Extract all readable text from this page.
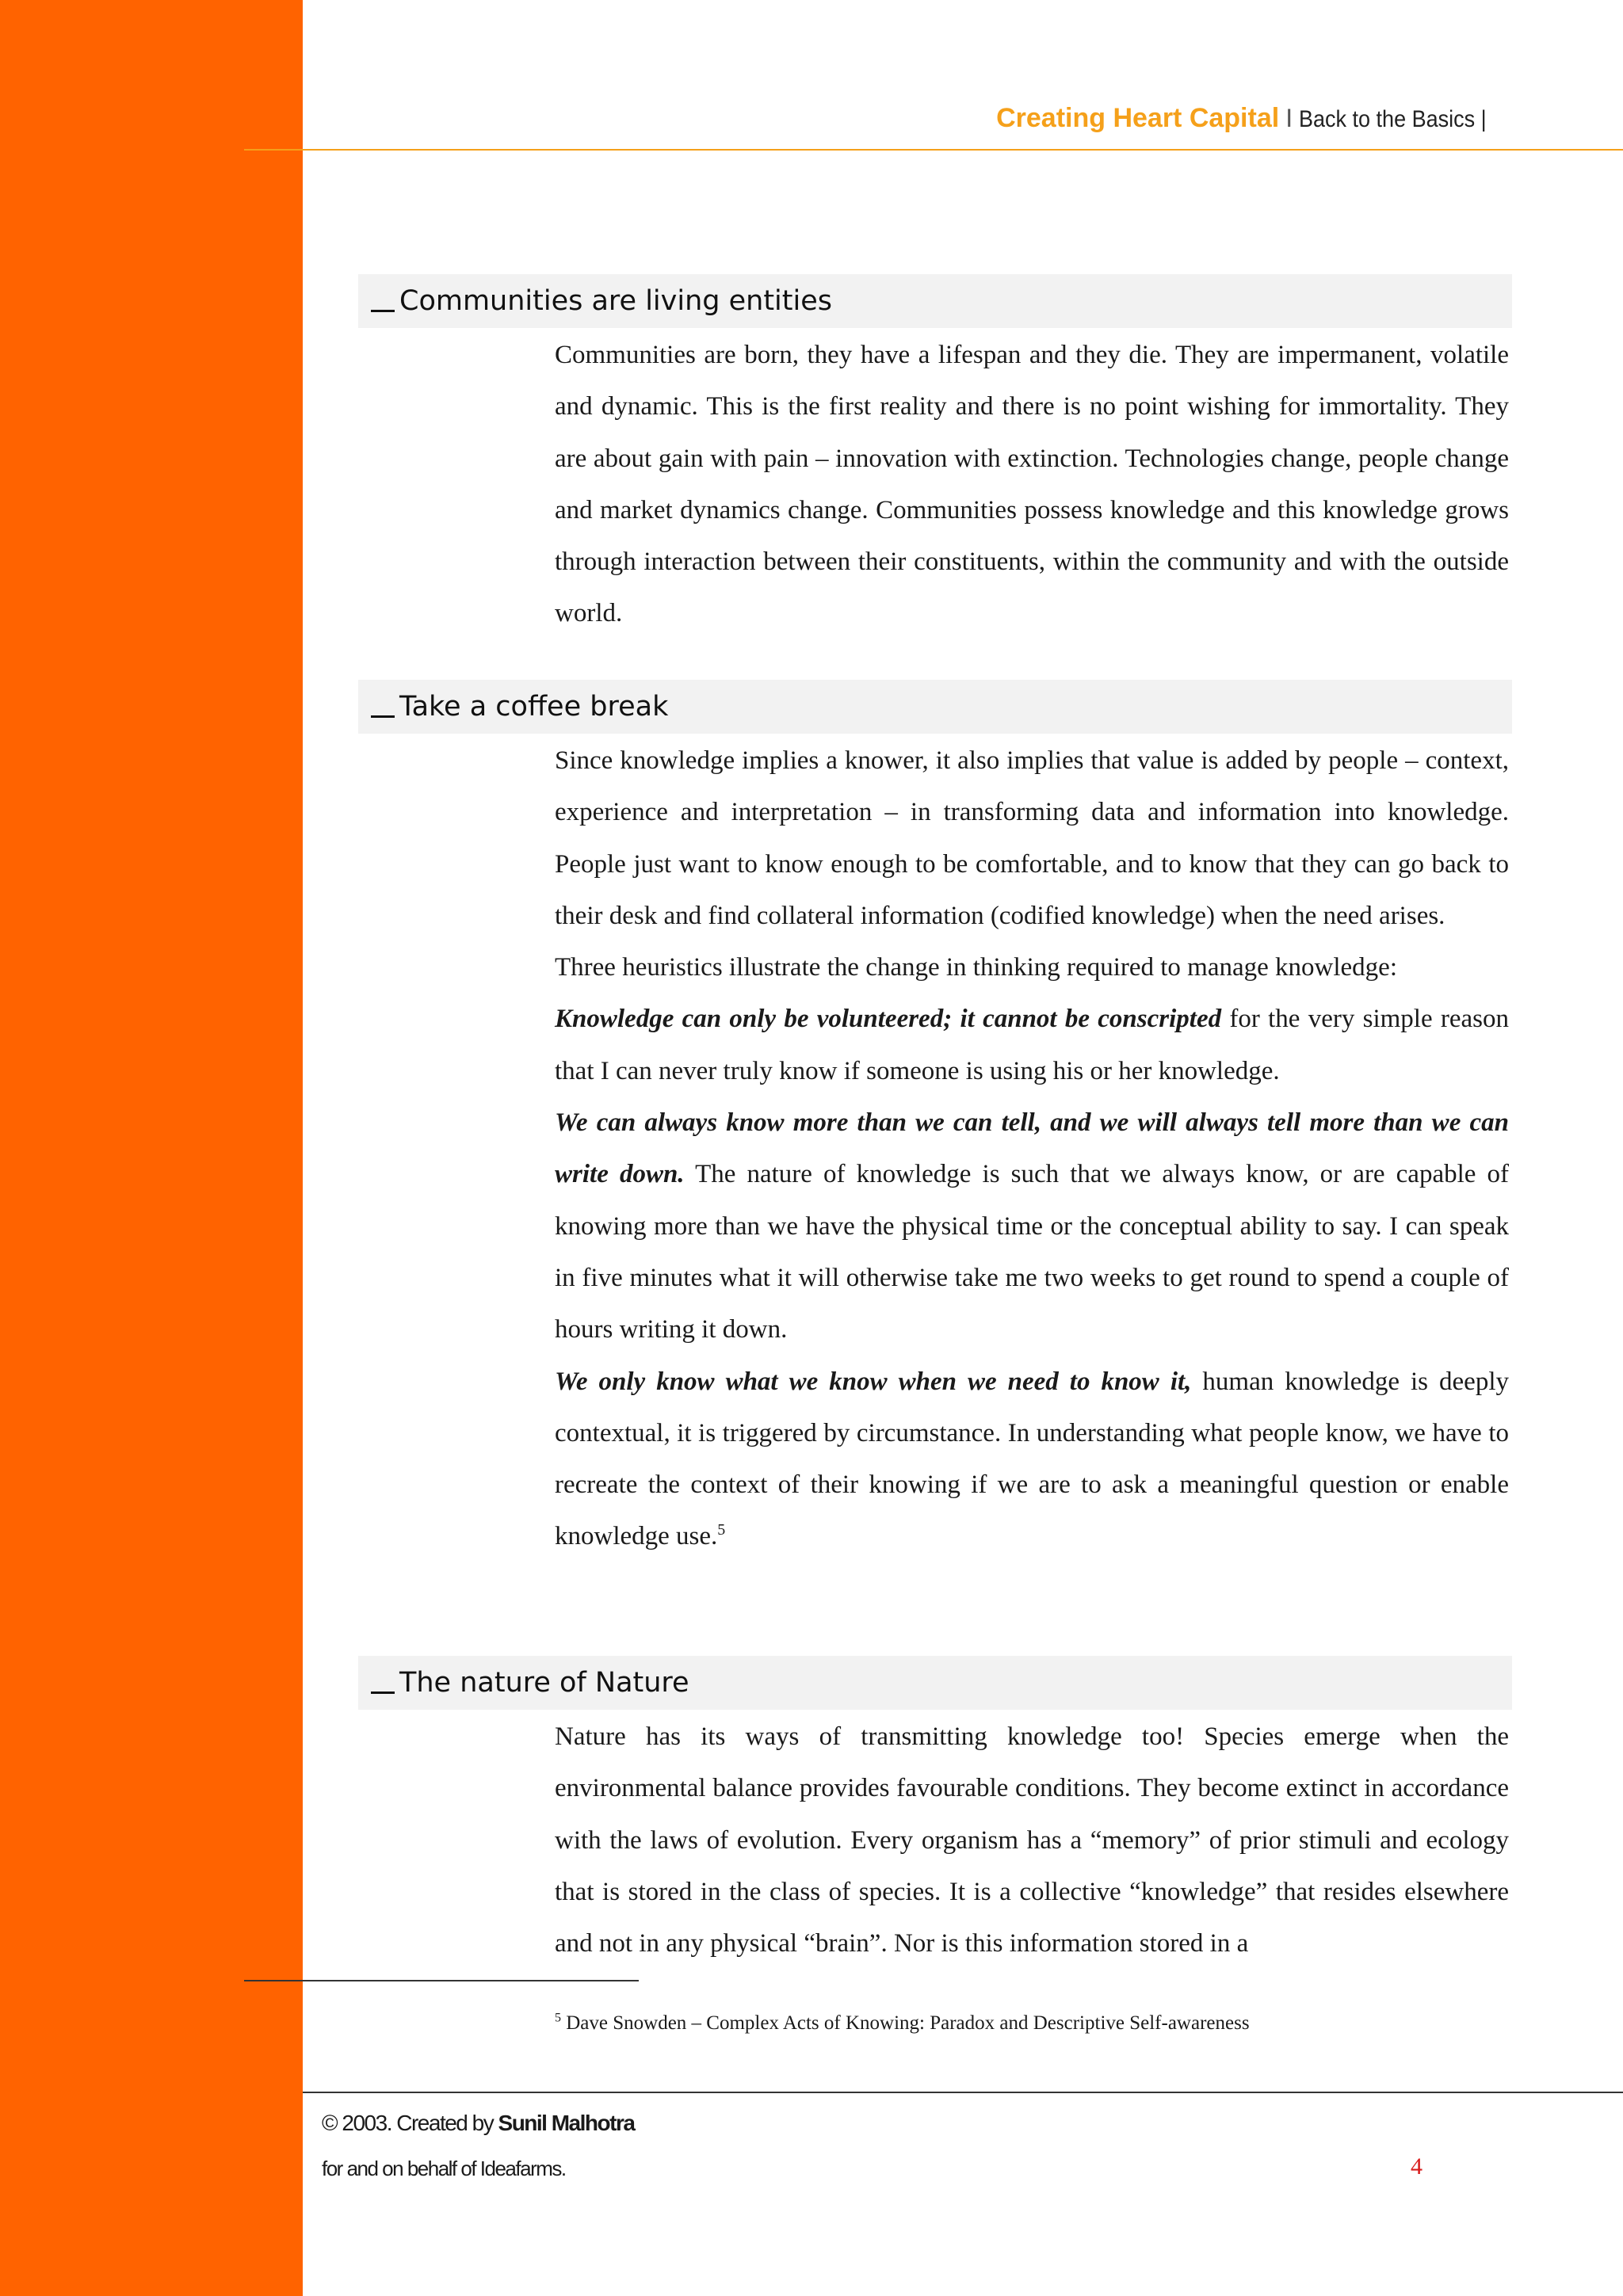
Creating Heart Capital I Back to the Basics |
Communities are living entities

Communities are born, they have a lifespan and they die. They are impermanent, volatile and dynamic. This is the first reality and there is no point wishing for immortality. They are about gain with pain – innovation with extinction. Technologies change, people change and market dynamics change. Communities possess knowledge and this knowledge grows through interaction between their constituents, within the community and with the outside world.

Take a coffee break

Since knowledge implies a knower, it also implies that value is added by people – context, experience and interpretation – in transforming data and information into knowledge. People just want to know enough to be comfortable, and to know that they can go back to their desk and find collateral information (codified knowledge) when the need arises.

Three heuristics illustrate the change in thinking required to manage knowledge:

Knowledge can only be volunteered; it cannot be conscripted for the very simple reason that I can never truly know if someone is using his or her knowledge.

We can always know more than we can tell, and we will always tell more than we can write down. The nature of knowledge is such that we always know, or are capable of knowing more than we have the physical time or the conceptual ability to say. I can speak in five minutes what it will otherwise take me two weeks to get round to spend a couple of hours writing it down.

We only know what we know when we need to know it, human knowledge is deeply contextual, it is triggered by circumstance. In understanding what people know, we have to recreate the context of their knowing if we are to ask a meaningful question or enable knowledge use.$^5$

The nature of Nature

Nature has its ways of transmitting knowledge too! Species emerge when the environmental balance provides favourable conditions. They become extinct in accordance with the laws of evolution. Every organism has a “memory” of prior stimuli and ecology that is stored in the class of species. It is a collective “knowledge” that resides elsewhere and not in any physical “brain”. Nor is this information stored in a

$^5$ Dave Snowden – Complex Acts of Knowing: Paradox and Descriptive Self-awareness
© 2003. Created by Sunil Malhotra
for and on behalf of Ideafarms.	4
